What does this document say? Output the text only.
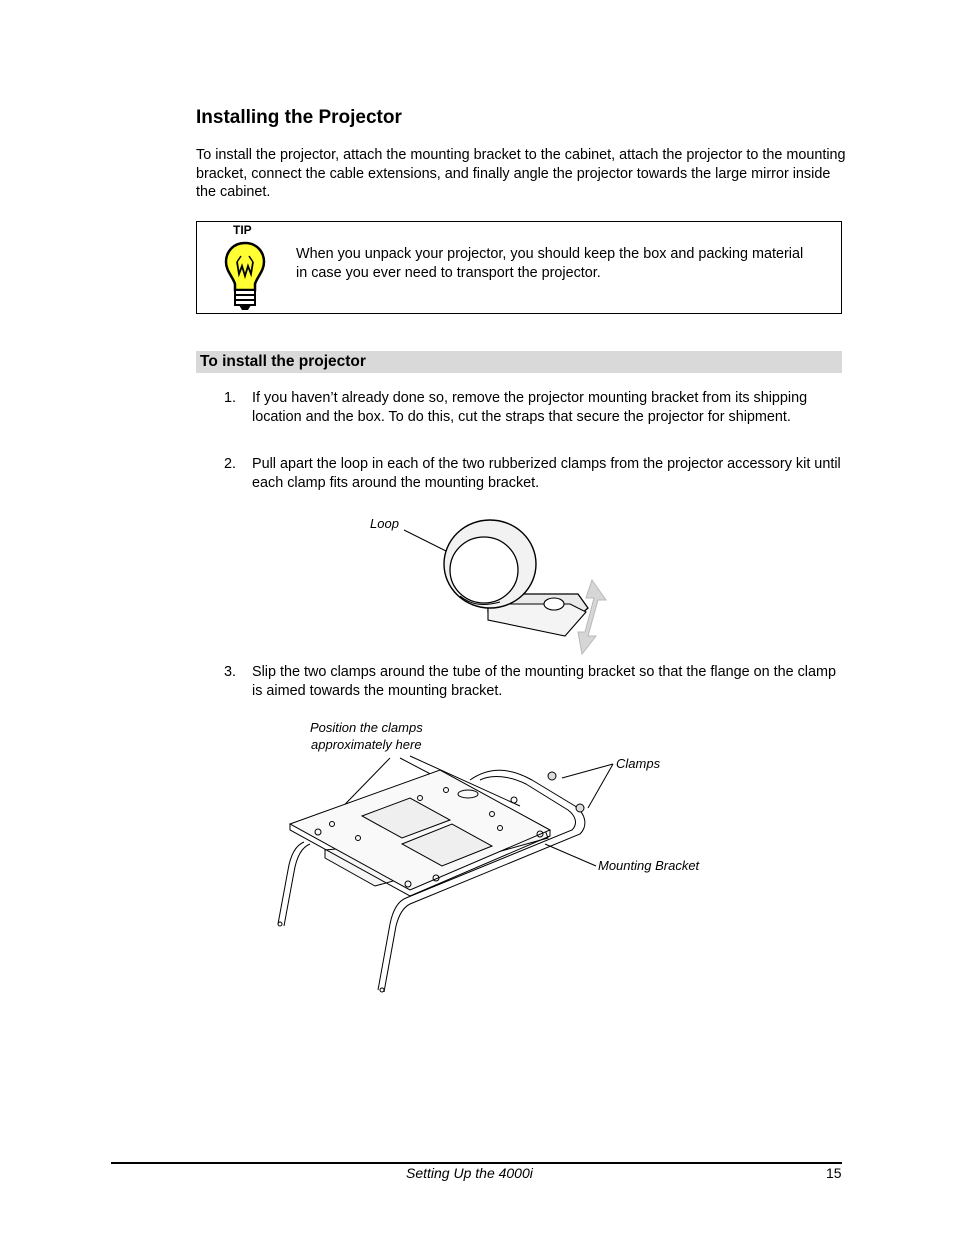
Installing the Projector

To install the projector, attach the mounting bracket to the cabinet, attach the projector to the mounting bracket, connect the cable extensions, and finally angle the projector towards the large mirror inside the cabinet.

TIP
When you unpack your projector, you should keep the box and packing material in case you ever need to transport the projector.
To install the projector
1. If you haven’t already done so, remove the projector mounting bracket from its shipping location and the box. To do this, cut the straps that secure the projector for shipment.
2. Pull apart the loop in each of the two rubberized clamps from the projector accessory kit until each clamp fits around the mounting bracket.
Loop
3. Slip the two clamps around the tube of the mounting bracket so that the flange on the clamp is aimed towards the mounting bracket.
Position the clamps
approximately here
Clamps
Mounting Bracket
Setting Up the 4000i	15
